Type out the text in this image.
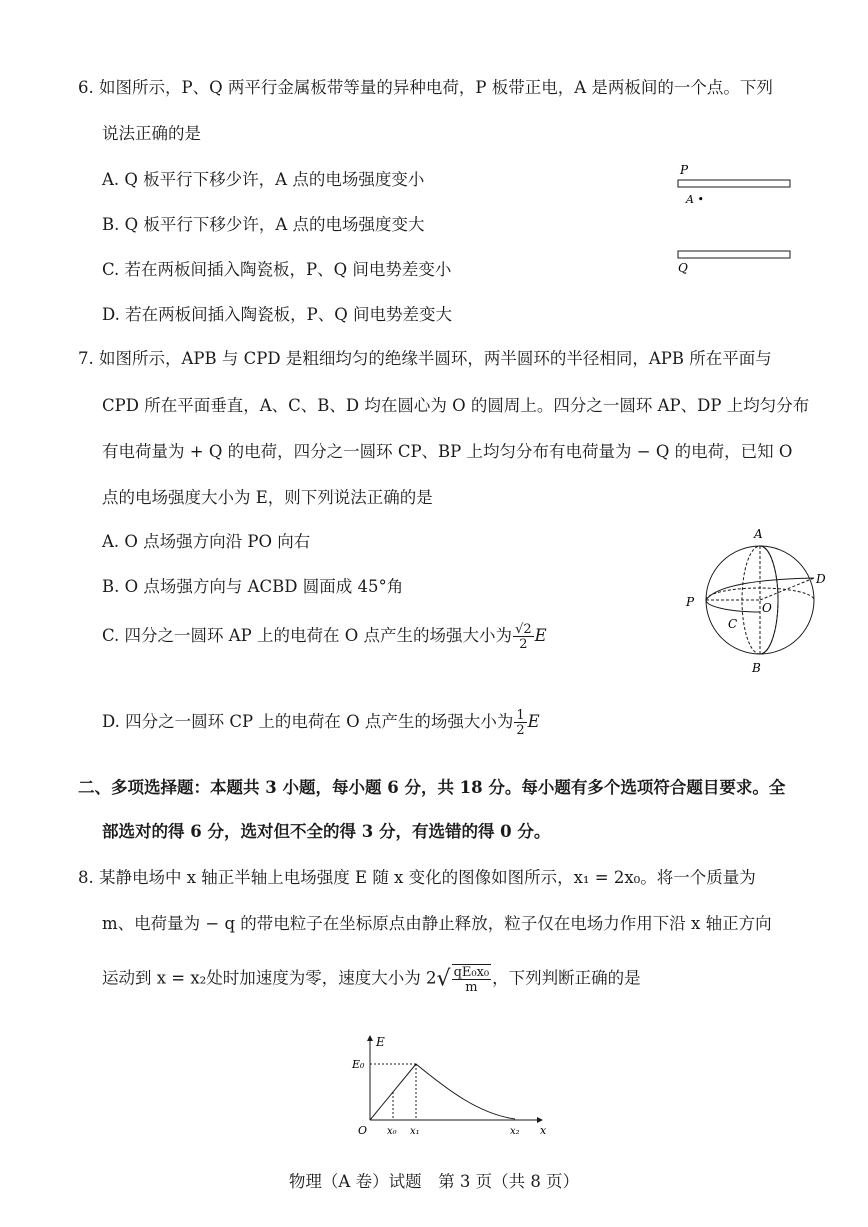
6. 如图所示，P、Q 两平行金属板带等量的异种电荷，P 板带正电，A 是两板间的一个点。下列
说法正确的是
A. Q 板平行下移少许，A 点的电场强度变小
B. Q 板平行下移少许，A 点的电场强度变大
C. 若在两板间插入陶瓷板，P、Q 间电势差变小
D. 若在两板间插入陶瓷板，P、Q 间电势差变大
P
A •
Q
7. 如图所示，APB 与 CPD 是粗细均匀的绝缘半圆环，两半圆环的半径相同，APB 所在平面与
CPD 所在平面垂直，A、C、B、D 均在圆心为 O 的圆周上。四分之一圆环 AP、DP 上均匀分布
有电荷量为 + Q 的电荷，四分之一圆环 CP、BP 上均匀分布有电荷量为 − Q 的电荷，已知 O
点的电场强度大小为 E，则下列说法正确的是
A. O 点场强方向沿 PO 向右
B. O 点场强方向与 ACBD 圆面成 45°角
C. 四分之一圆环 AP 上的电荷在 O 点产生的场强大小为 $\frac{√2}{2}$ E
D. 四分之一圆环 CP 上的电荷在 O 点产生的场强大小为 $\frac{1}{2}$ E
A
D
P	O
C
B
二、多项选择题：本题共 3 小题，每小题 6 分，共 18 分。每小题有多个选项符合题目要求。全
部选对的得 6 分，选对但不全的得 3 分，有选错的得 0 分。
8. 某静电场中 x 轴正半轴上电场强度 E 随 x 变化的图像如图所示，x₁ = 2x₀。将一个质量为
m、电荷量为 − q 的带电粒子在坐标原点由静止释放，粒子仅在电场力作用下沿 x 轴正方向
运动到 x = x₂处时加速度为零，速度大小为 $2√ \frac{\text{qE₀x₀}}{m}$ ，下列判断正确的是
E
E₀
O x₀ x₁	x₂ x
物理（A 卷）试题　第 3 页（共 8 页）
